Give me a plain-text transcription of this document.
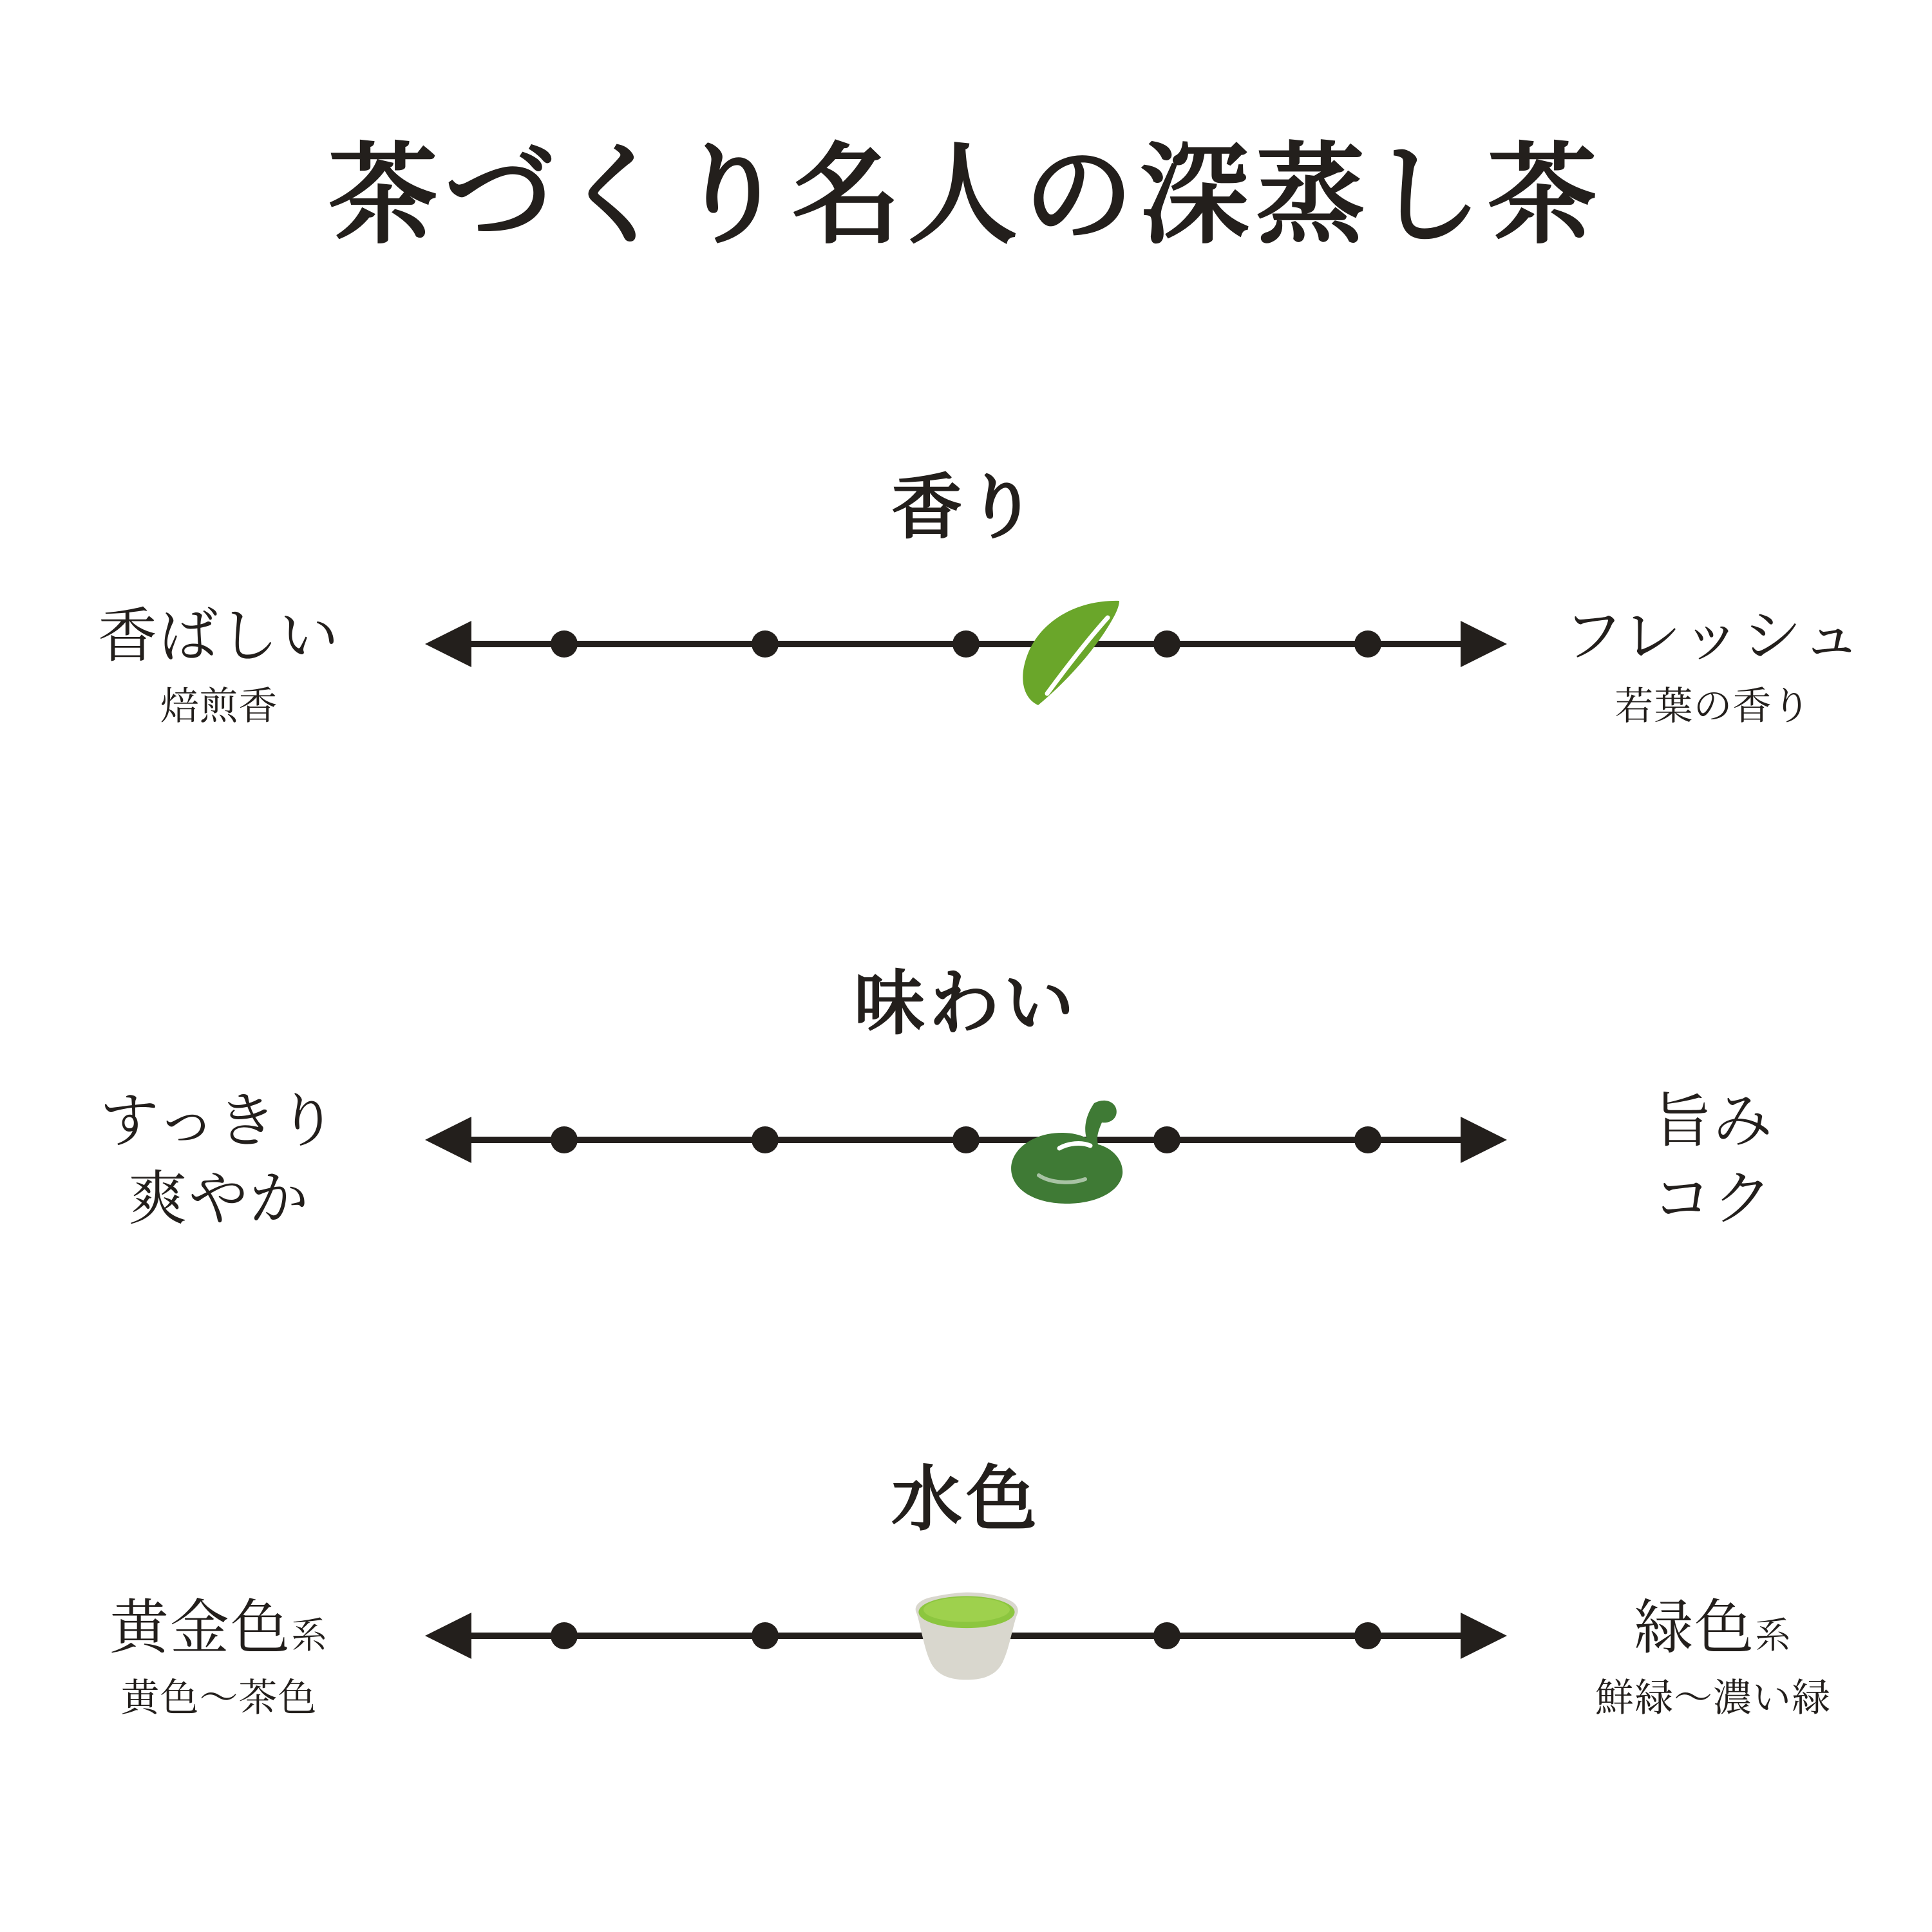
茶づくり名人の深蒸し茶
香り
香ばしい
焙煎香
フレッシュ
若葉の香り
味わい
すっきり
爽やか
旨み
コク
水色
黄金色系
黄色〜茶色
緑色系
鮮緑〜濃い緑
